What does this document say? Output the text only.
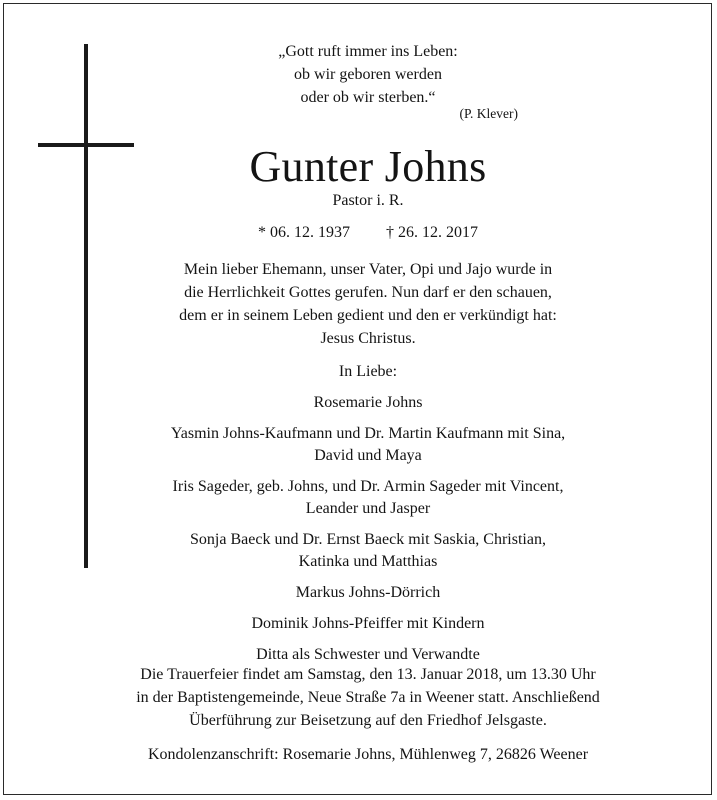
„Gott ruft immer ins Leben:
ob wir geboren werden
oder ob wir sterben.“
(P. Klever)
Gunter Johns
Pastor i. R.
* 06. 12. 1937 † 26. 12. 2017
Mein lieber Ehemann, unser Vater, Opi und Jajo wurde in
die Herrlichkeit Gottes gerufen. Nun darf er den schauen,
dem er in seinem Leben gedient und den er verkündigt hat:
Jesus Christus.
In Liebe:
Rosemarie Johns
Yasmin Johns-Kaufmann und Dr. Martin Kaufmann mit Sina,
David und Maya
Iris Sageder, geb. Johns, und Dr. Armin Sageder mit Vincent,
Leander und Jasper
Sonja Baeck und Dr. Ernst Baeck mit Saskia, Christian,
Katinka und Matthias
Markus Johns-Dörrich
Dominik Johns-Pfeiffer mit Kindern
Ditta als Schwester und Verwandte
Die Trauerfeier findet am Samstag, den 13. Januar 2018, um 13.30 Uhr
in der Baptistengemeinde, Neue Straße 7a in Weener statt. Anschließend
Überführung zur Beisetzung auf den Friedhof Jelsgaste.
Kondolenzanschrift: Rosemarie Johns, Mühlenweg 7, 26826 Weener
